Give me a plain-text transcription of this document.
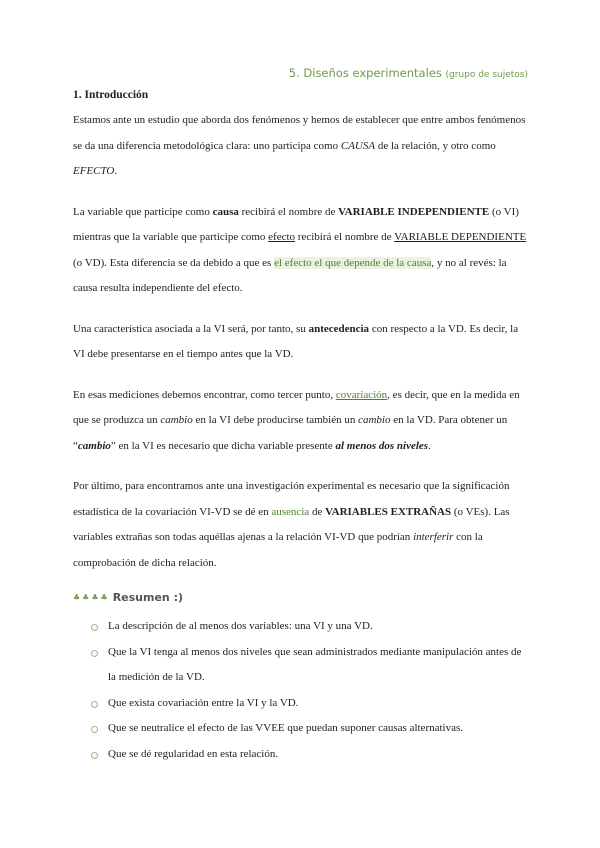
5. Diseños experimentales (grupo de sujetos)
1. Introducción

Estamos ante un estudio que aborda dos fenómenos y hemos de establecer que entre ambos fenómenos se da una diferencia metodológica clara: uno participa como CAUSA de la relación, y otro como EFECTO.

La variable que participe como causa recibirá el nombre de VARIABLE INDEPENDIENTE (o VI) mientras que la variable que participe como efecto recibirá el nombre de VARIABLE DEPENDIENTE (o VD). Esta diferencia se da debido a que es el efecto el que depende de la causa, y no al revés: la causa resulta independiente del efecto.

Una característica asociada a la VI será, por tanto, su antecedencia con respecto a la VD. Es decir, la VI debe presentarse en el tiempo antes que la VD.

En esas mediciones debemos encontrar, como tercer punto, covariación, es decir, que en la medida en que se produzca un cambio en la VI debe producirse también un cambio en la VD. Para obtener un “cambio” en la VI es necesario que dicha variable presente al menos dos niveles.

Por último, para encontramos ante una investigación experimental es necesario que la significación estadística de la covariación VI-VD se dé en ausencia de VARIABLES EXTRAÑAS (o VEs). Las variables extrañas son todas aquéllas ajenas a la relación VI-VD que podrían interferir con la comprobación de dicha relación.

♣ ♣ ♣ ♣ Resumen :)
La descripción de al menos dos variables: una VI y una VD.
Que la VI tenga al menos dos niveles que sean administrados mediante manipulación antes de la medición de la VD.
Que exista covariación entre la VI y la VD.
Que se neutralice el efecto de las VVEE que puedan suponer causas alternativas.
Que se dé regularidad en esta relación.
